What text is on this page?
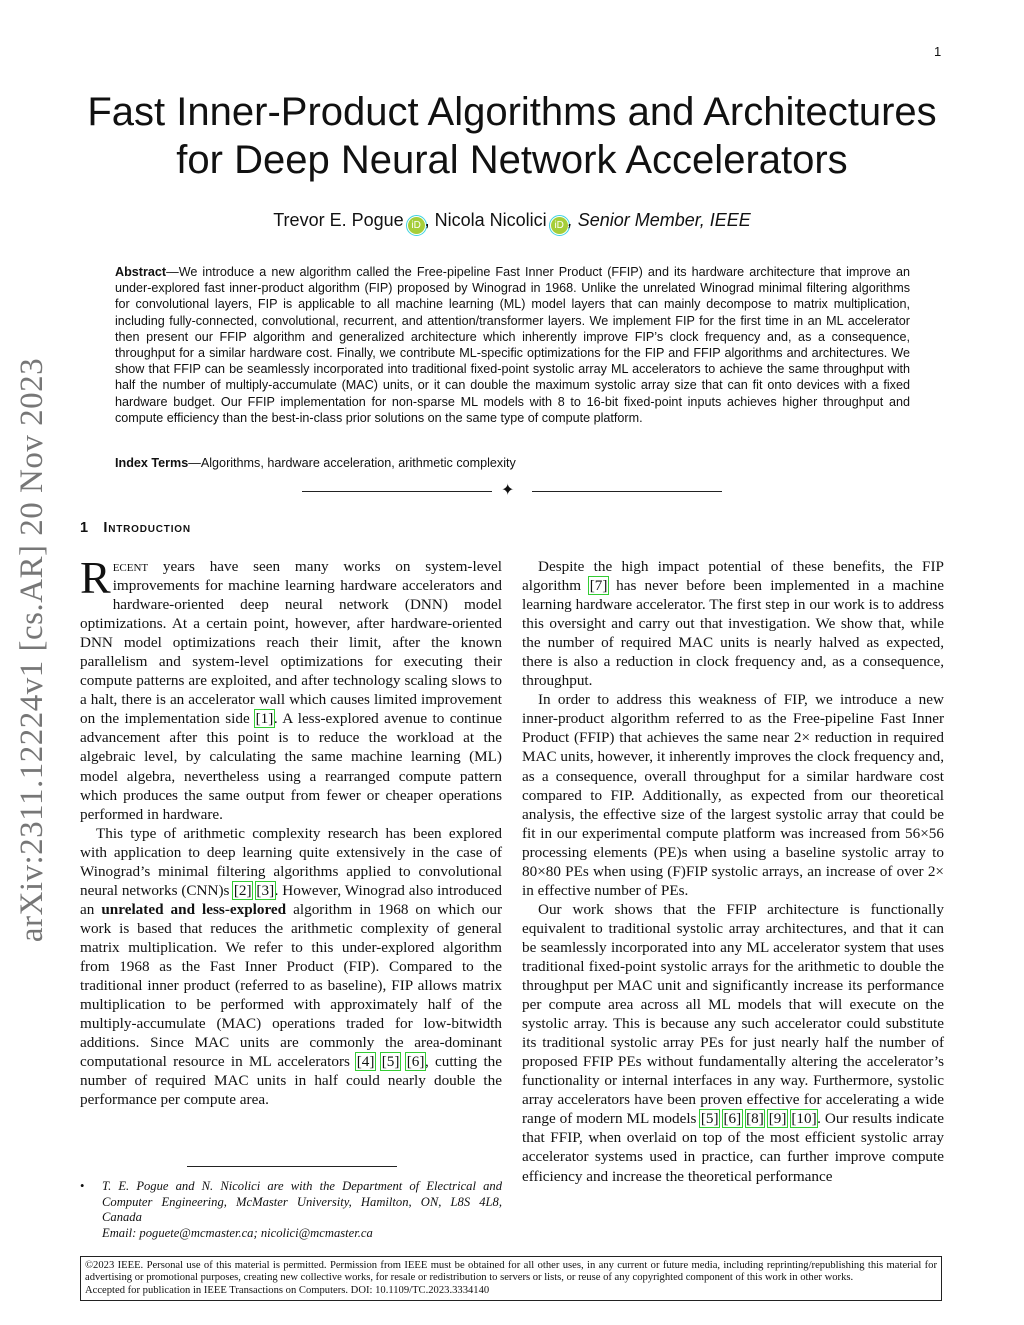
1
arXiv:2311.12224v1 [cs.AR] 20 Nov 2023
Fast Inner-Product Algorithms and Architectures
for Deep Neural Network Accelerators
Trevor E. Pogue iD , Nicola Nicolici iD , Senior Member, IEEE
Abstract—We introduce a new algorithm called the Free-pipeline Fast Inner Product (FFIP) and its hardware architecture that improve an under-explored fast inner-product algorithm (FIP) proposed by Winograd in 1968. Unlike the unrelated Winograd minimal filtering algorithms for convolutional layers, FIP is applicable to all machine learning (ML) model layers that can mainly decompose to matrix multiplication, including fully-connected, convolutional, recurrent, and attention/transformer layers. We implement FIP for the first time in an ML accelerator then present our FFIP algorithm and generalized architecture which inherently improve FIP’s clock frequency and, as a consequence, throughput for a similar hardware cost. Finally, we contribute ML-specific optimizations for the FIP and FFIP algorithms and architectures. We show that FFIP can be seamlessly incorporated into traditional fixed-point systolic array ML accelerators to achieve the same throughput with half the number of multiply-accumulate (MAC) units, or it can double the maximum systolic array size that can fit onto devices with a fixed hardware budget. Our FFIP implementation for non-sparse ML models with 8 to 16-bit fixed-point inputs achieves higher throughput and compute efficiency than the best-in-class prior solutions on the same type of compute platform.
Index Terms—Algorithms, hardware acceleration, arithmetic complexity
✦
1 Introduction

Recent years have seen many works on system-level improvements for machine learning hardware accelerators and hardware-oriented deep neural network (DNN) model optimizations. At a certain point, however, after hardware-oriented DNN model optimizations reach their limit, after the known parallelism and system-level optimizations for executing their compute patterns are exploited, and after technology scaling slows to a halt, there is an accelerator wall which causes limited improvement on the implementation side [1]. A less-explored avenue to continue advancement after this point is to reduce the workload at the algebraic level, by calculating the same machine learning (ML) model algebra, nevertheless using a rearranged compute pattern which produces the same output from fewer or cheaper operations performed in hardware.

This type of arithmetic complexity research has been explored with application to deep learning quite extensively in the case of Winograd’s minimal filtering algorithms applied to convolutional neural networks (CNN)s [2] [3]. However, Winograd also introduced an unrelated and less-explored algorithm in 1968 on which our work is based that reduces the arithmetic complexity of general matrix multiplication. We refer to this under-explored algorithm from 1968 as the Fast Inner Product (FIP). Compared to the traditional inner product (referred to as baseline), FIP allows matrix multiplication to be performed with approximately half of the multiply-accumulate (MAC) operations traded for low-bitwidth additions. Since MAC units are commonly the area-dominant computational resource in ML accelerators [4] [5] [6], cutting the number of required MAC units in half could nearly double the performance per compute area.

Despite the high impact potential of these benefits, the FIP algorithm [7] has never before been implemented in a machine learning hardware accelerator. The first step in our work is to address this oversight and carry out that investigation. We show that, while the number of required MAC units is nearly halved as expected, there is also a reduction in clock frequency and, as a consequence, throughput.

In order to address this weakness of FIP, we introduce a new inner-product algorithm referred to as the Free-pipeline Fast Inner Product (FFIP) that achieves the same near 2× reduction in required MAC units, however, it inherently improves the clock frequency and, as a consequence, overall throughput for a similar hardware cost compared to FIP. Additionally, as expected from our theoretical analysis, the effective size of the largest systolic array that could be fit in our experimental compute platform was increased from 56×56 processing elements (PE)s when using a baseline systolic array to 80×80 PEs when using (F)FIP systolic arrays, an increase of over 2× in effective number of PEs.

Our work shows that the FFIP architecture is functionally equivalent to traditional systolic array architectures, and that it can be seamlessly incorporated into any ML accelerator system that uses traditional fixed-point systolic arrays for the arithmetic to double the throughput per MAC unit and significantly increase its performance per compute area across all ML models that will execute on the systolic array. This is because any such accelerator could substitute its traditional systolic array PEs for just nearly half the number of proposed FFIP PEs without fundamentally altering the accelerator’s functionality or internal interfaces in any way. Furthermore, systolic array accelerators have been proven effective for accelerating a wide range of modern ML models [5] [6] [8] [9] [10]. Our results indicate that FFIP, when overlaid on top of the most efficient systolic array accelerator systems used in practice, can further improve compute efficiency and increase the theoretical performance

• T. E. Pogue and N. Nicolici are with the Department of Electrical and Computer Engineering, McMaster University, Hamilton, ON, L8S 4L8, Canada
Email: poguete@mcmaster.ca; nicolici@mcmaster.ca
©2023 IEEE. Personal use of this material is permitted. Permission from IEEE must be obtained for all other uses, in any current or future media, including reprinting/republishing this material for advertising or promotional purposes, creating new collective works, for resale or redistribution to servers or lists, or reuse of any copyrighted component of this work in other works.
Accepted for publication in IEEE Transactions on Computers. DOI: 10.1109/TC.2023.3334140
